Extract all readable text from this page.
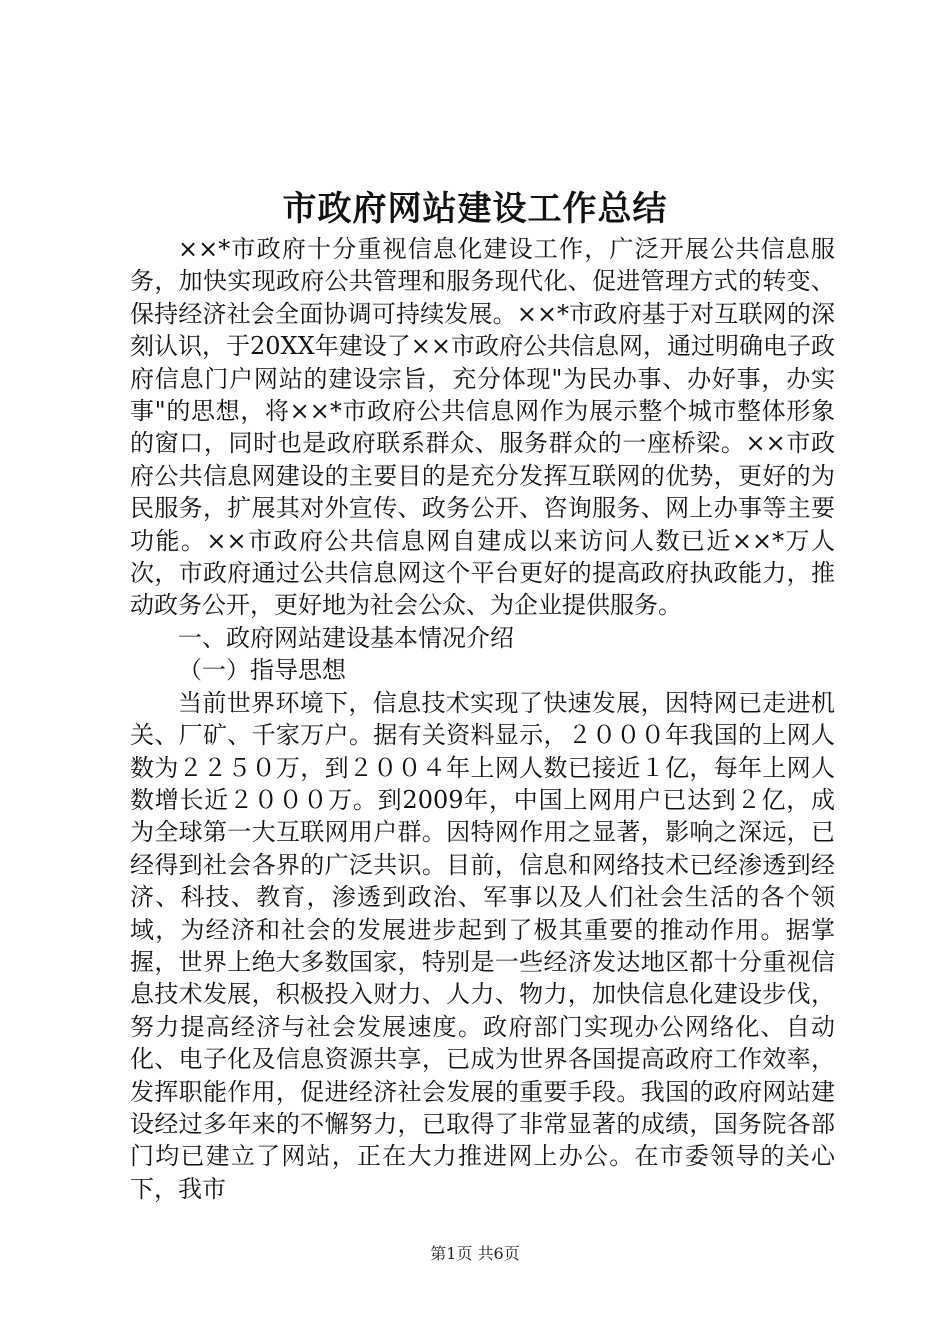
市政府网站建设工作总结

××*市政府十分重视信息化建设工作，广泛开展公共信息服务，加快实现政府公共管理和服务现代化、促进管理方式的转变、保持经济社会全面协调可持续发展。××*市政府基于对互联网的深刻认识，于20XX年建设了××市政府公共信息网，通过明确电子政府信息门户网站的建设宗旨，充分体现"为民办事、办好事，办实事"的思想，将××*市政府公共信息网作为展示整个城市整体形象的窗口，同时也是政府联系群众、服务群众的一座桥梁。××市政府公共信息网建设的主要目的是充分发挥互联网的优势，更好的为民服务，扩展其对外宣传、政务公开、咨询服务、网上办事等主要功能。××市政府公共信息网自建成以来访问人数已近××*万人次，市政府通过公共信息网这个平台更好的提高政府执政能力，推动政务公开，更好地为社会公众、为企业提供服务。

一、政府网站建设基本情况介绍

（一）指导思想

当前世界环境下，信息技术实现了快速发展，因特网已走进机关、厂矿、千家万户。据有关资料显示，２０００年我国的上网人数为２２５０万，到２００４年上网人数已接近１亿，每年上网人数增长近２０００万。到2009年，中国上网用户已达到２亿，成为全球第一大互联网用户群。因特网作用之显著，影响之深远，已经得到社会各界的广泛共识。目前，信息和网络技术已经渗透到经济、科技、教育，渗透到政治、军事以及人们社会生活的各个领域，为经济和社会的发展进步起到了极其重要的推动作用。据掌握，世界上绝大多数国家，特别是一些经济发达地区都十分重视信息技术发展，积极投入财力、人力、物力，加快信息化建设步伐，努力提高经济与社会发展速度。政府部门实现办公网络化、自动化、电子化及信息资源共享，已成为世界各国提高政府工作效率，发挥职能作用，促进经济社会发展的重要手段。我国的政府网站建设经过多年来的不懈努力，已取得了非常显著的成绩，国务院各部门均已建立了网站，正在大力推进网上办公。在市委领导的关心下，我市

第1页 共6页
